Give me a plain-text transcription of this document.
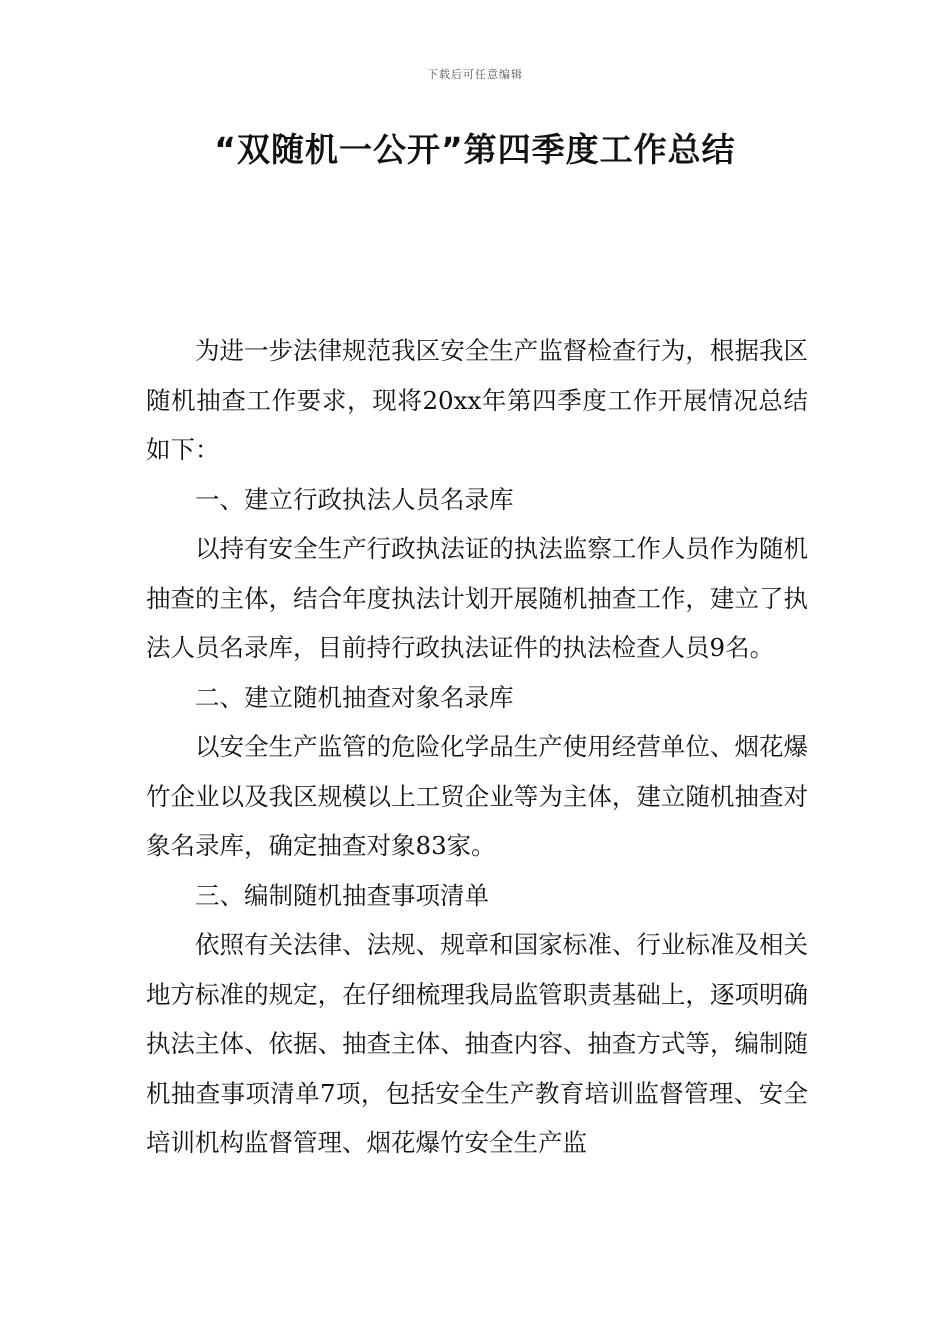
下载后可任意编辑
“双随机一公开”第四季度工作总结

为进一步法律规范我区安全生产监督检查行为，根据我区随机抽查工作要求，现将20xx年第四季度工作开展情况总结如下：

一、建立行政执法人员名录库

以持有安全生产行政执法证的执法监察工作人员作为随机抽查的主体，结合年度执法计划开展随机抽查工作，建立了执法人员名录库，目前持行政执法证件的执法检查人员9名。

二、建立随机抽查对象名录库

以安全生产监管的危险化学品生产使用经营单位、烟花爆竹企业以及我区规模以上工贸企业等为主体，建立随机抽查对象名录库，确定抽查对象83家。

三、编制随机抽查事项清单

依照有关法律、法规、规章和国家标准、行业标准及相关地方标准的规定，在仔细梳理我局监管职责基础上，逐项明确执法主体、依据、抽查主体、抽查内容、抽查方式等，编制随机抽查事项清单7项，包括安全生产教育培训监督管理、安全培训机构监督管理、烟花爆竹安全生产监
